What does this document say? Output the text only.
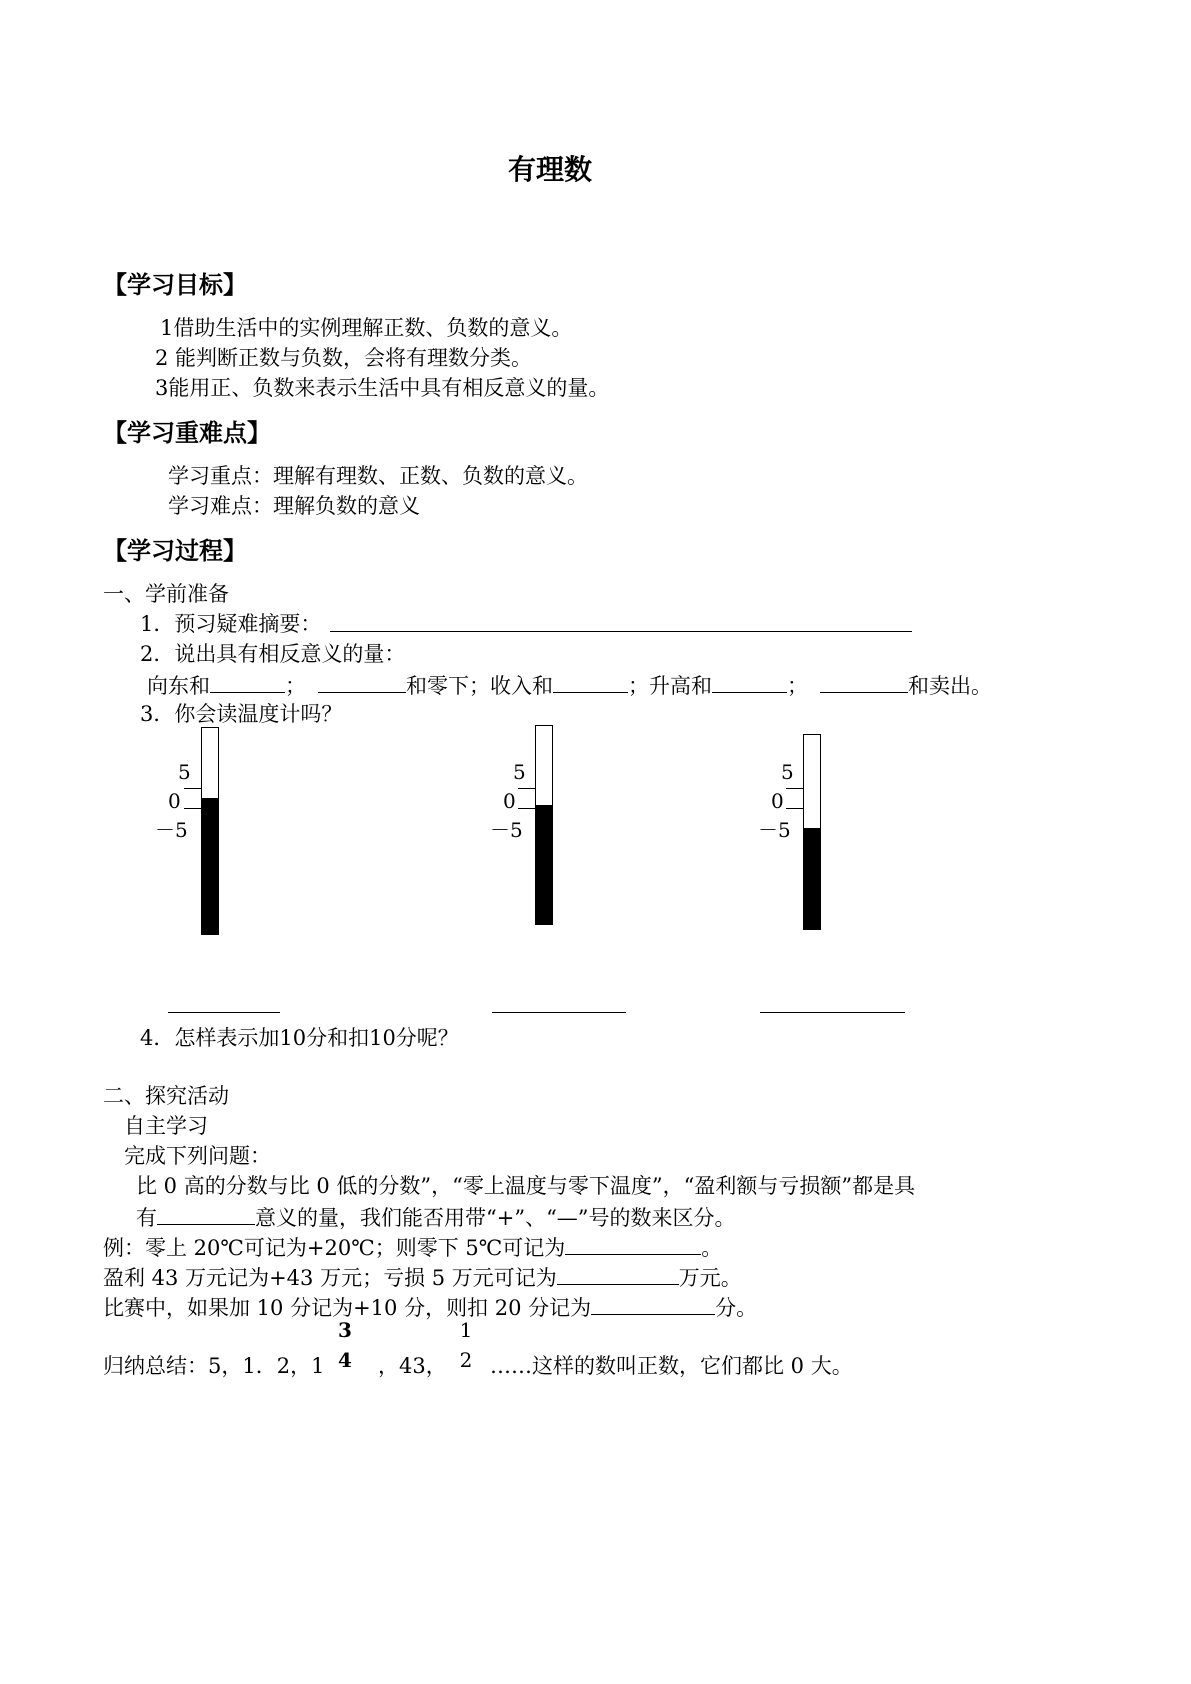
有理数
【学习目标】
1借助生活中的实例理解正数、负数的意义。
2 能判断正数与负数，会将有理数分类。
3能用正、负数来表示生活中具有相反意义的量。
【学习重难点】
学习重点：理解有理数、正数、负数的意义。
学习难点：理解负数的意义
【学习过程】
一、学前准备
1．预习疑难摘要：
2．说出具有相反意义的量：
向东和	；	和零下；收入和	；升高和	；	和卖出。
3．你会读温度计吗？
5
0
－5
5
0
－5
5
0
－5
4．怎样表示加10分和扣10分呢？
二、探究活动
自主学习
完成下列问题：
比 0 高的分数与比 0 低的分数”，“零上温度与零下温度”，“盈利额与亏损额”都是具
有	意义的量，我们能否用带“+”、“—”号的数来区分。
例：零上 20℃可记为+20℃；则零下 5℃可记为	。
盈利 43 万元记为+43 万元；亏损 5 万元可记为	万元。
比赛中，如果加 10 分记为+10 分，则扣 20 分记为	分。
归纳总结：5，1．2，1
3
4 ，43，
1
2 ……这样的数叫正数，它们都比 0 大。
